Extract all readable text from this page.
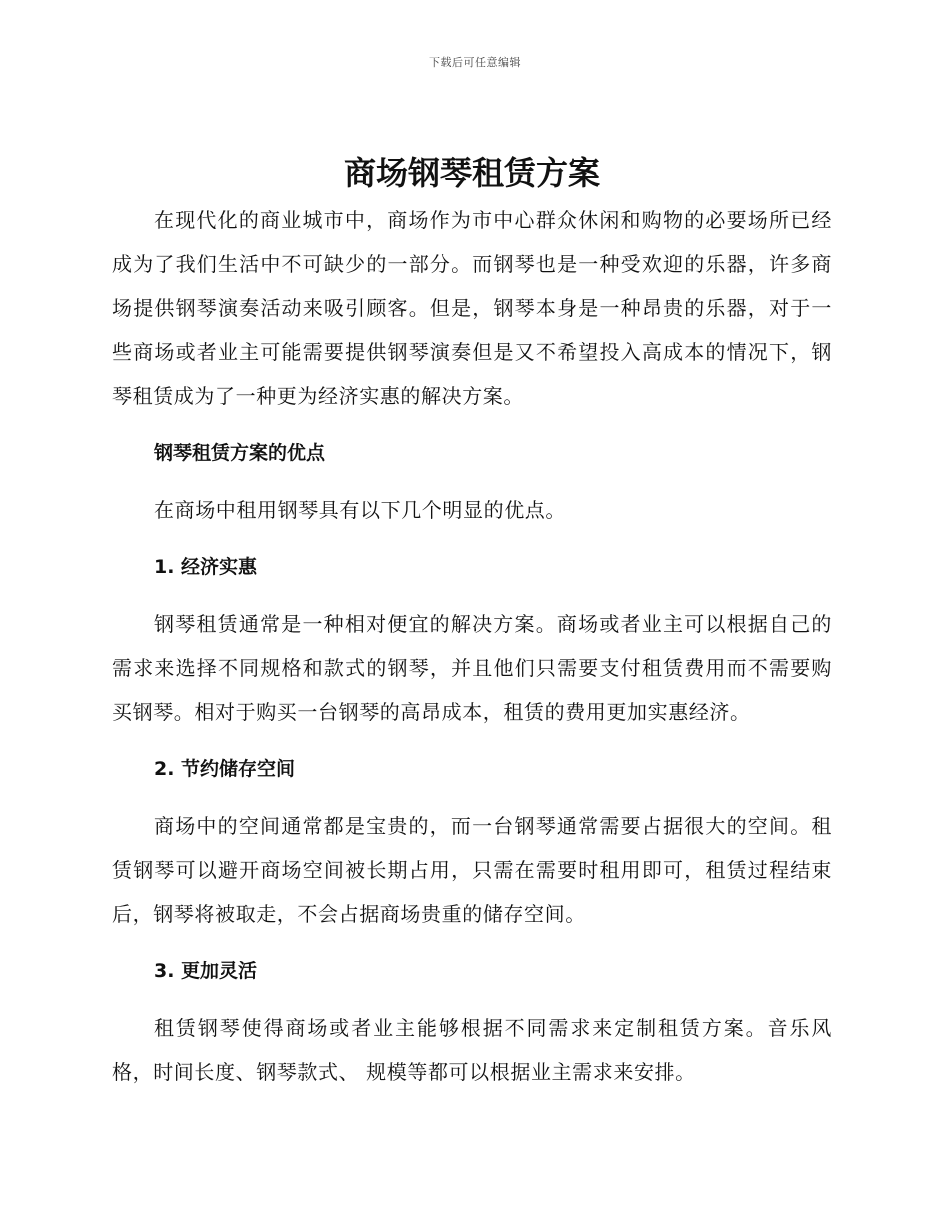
下载后可任意编辑
商场钢琴租赁方案

在现代化的商业城市中，商场作为市中心群众休闲和购物的必要场所已经成为了我们生活中不可缺少的一部分。而钢琴也是一种受欢迎的乐器，许多商场提供钢琴演奏活动来吸引顾客。但是，钢琴本身是一种昂贵的乐器，对于一些商场或者业主可能需要提供钢琴演奏但是又不希望投入高成本的情况下，钢琴租赁成为了一种更为经济实惠的解决方案。

钢琴租赁方案的优点

在商场中租用钢琴具有以下几个明显的优点。

1. 经济实惠

钢琴租赁通常是一种相对便宜的解决方案。商场或者业主可以根据自己的需求来选择不同规格和款式的钢琴，并且他们只需要支付租赁费用而不需要购买钢琴。相对于购买一台钢琴的高昂成本，租赁的费用更加实惠经济。

2. 节约储存空间

商场中的空间通常都是宝贵的，而一台钢琴通常需要占据很大的空间。租赁钢琴可以避开商场空间被长期占用，只需在需要时租用即可，租赁过程结束后，钢琴将被取走，不会占据商场贵重的储存空间。

3. 更加灵活

租赁钢琴使得商场或者业主能够根据不同需求来定制租赁方案。音乐风格，时间长度、钢琴款式、 规模等都可以根据业主需求来安排。
